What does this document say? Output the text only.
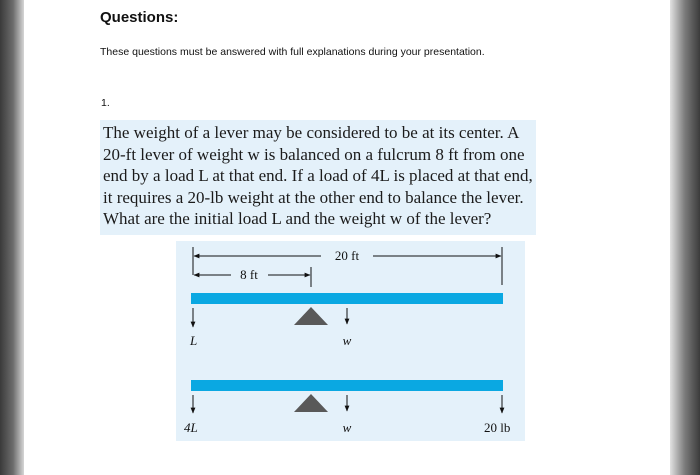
Questions:
These questions must be answered with full explanations during your presentation.
1.

The weight of a lever may be considered to be at its center. A
20-ft lever of weight w is balanced on a fulcrum 8 ft from one
end by a load L at that end. If a load of 4L is placed at that end,
it requires a 20-lb weight at the other end to balance the lever.
What are the initial load L and the weight w of the lever?

20 ft
8 ft
L	w
4L	w	20 lb
